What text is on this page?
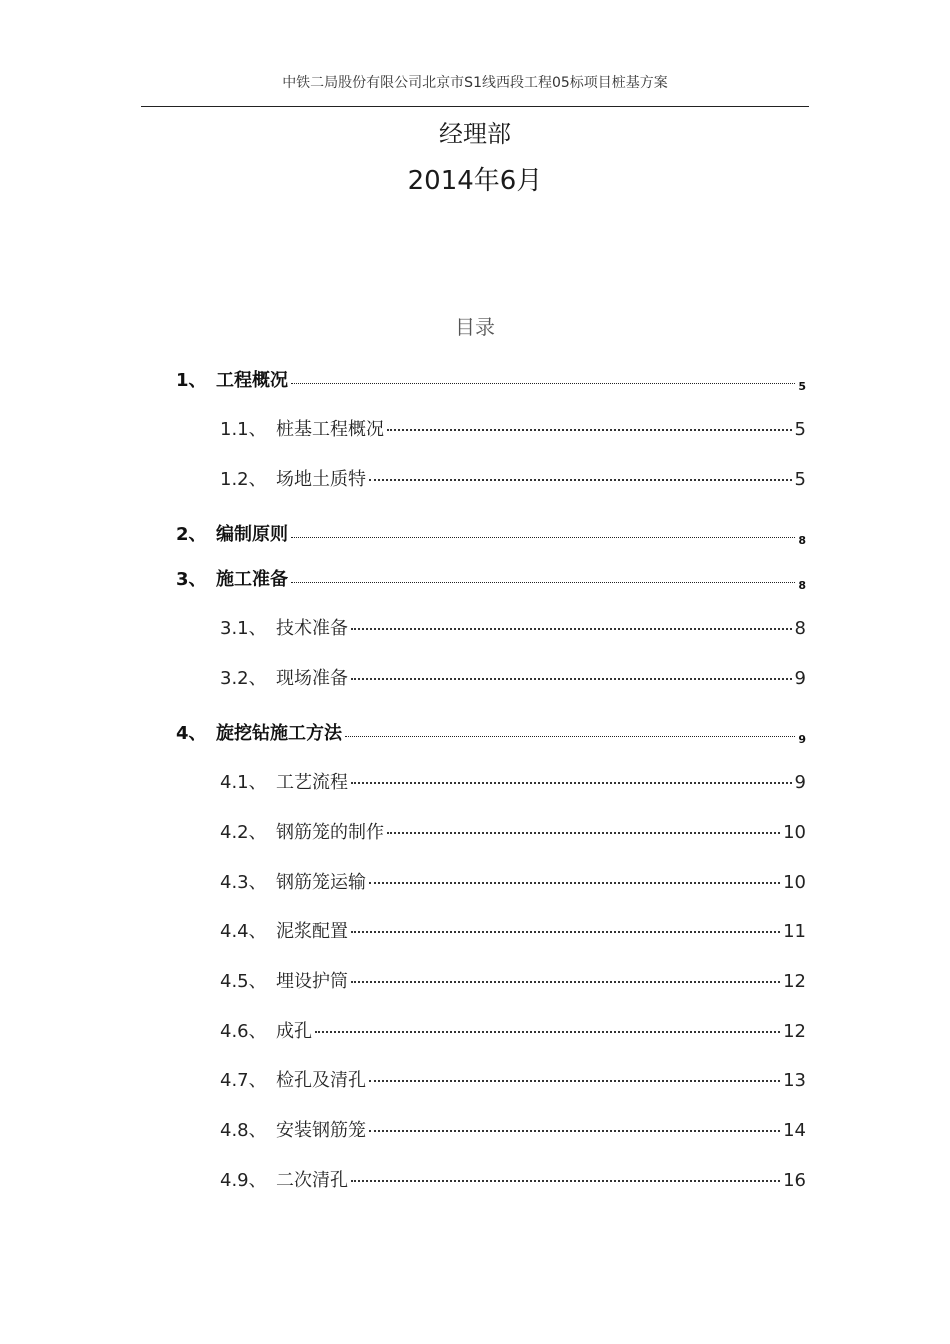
中铁二局股份有限公司北京市S1线西段工程05标项目桩基方案
经理部
2014年6月
目录
1、 工程概况	5
1.1、 桩基工程概况	5
1.2、 场地土质特	5
2、 编制原则	8
3、 施工准备	8
3.1、 技术准备	8
3.2、 现场准备	9
4、 旋挖钻施工方法	9
4.1、 工艺流程	9
4.2、 钢筋笼的制作	10
4.3、 钢筋笼运输	10
4.4、 泥浆配置	11
4.5、 埋设护筒	12
4.6、 成孔	12
4.7、 检孔及清孔	13
4.8、 安装钢筋笼	14
4.9、 二次清孔	16
